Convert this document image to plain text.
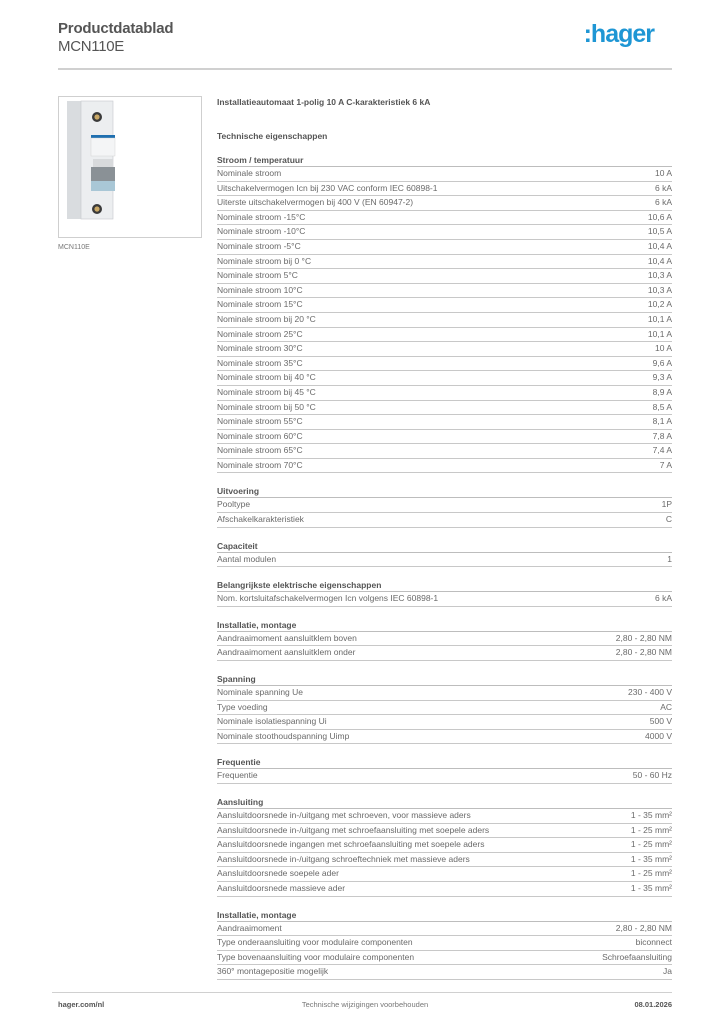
Productdatablad
MCN110E	:hager
MCN110E
Installatieautomaat 1-polig 10 A C-karakteristiek 6 kA
Technische eigenschappen
Stroom / temperatuur
Nominale stroom	10 A
Uitschakelvermogen Icn bij 230 VAC conform IEC 60898-1	6 kA
Uiterste uitschakelvermogen bij 400 V (EN 60947-2)	6 kA
Nominale stroom -15°C	10,6 A
Nominale stroom -10°C	10,5 A
Nominale stroom -5°C	10,4 A
Nominale stroom bij 0 °C	10,4 A
Nominale stroom 5°C	10,3 A
Nominale stroom 10°C	10,3 A
Nominale stroom 15°C	10,2 A
Nominale stroom bij 20 °C	10,1 A
Nominale stroom 25°C	10,1 A
Nominale stroom 30°C	10 A
Nominale stroom 35°C	9,6 A
Nominale stroom bij 40 °C	9,3 A
Nominale stroom bij 45 °C	8,9 A
Nominale stroom bij 50 °C	8,5 A
Nominale stroom 55°C	8,1 A
Nominale stroom 60°C	7,8 A
Nominale stroom 65°C	7,4 A
Nominale stroom 70°C	7 A
Uitvoering
Pooltype	1P
Afschakelkarakteristiek	C
Capaciteit
Aantal modulen	1
Belangrijkste elektrische eigenschappen
Nom. kortsluitafschakelvermogen Icn volgens IEC 60898-1	6 kA
Installatie, montage
Aandraaimoment aansluitklem boven	2,80 - 2,80 NM
Aandraaimoment aansluitklem onder	2,80 - 2,80 NM
Spanning
Nominale spanning Ue	230 - 400 V
Type voeding	AC
Nominale isolatiespanning Ui	500 V
Nominale stoothoudspanning Uimp	4000 V
Frequentie
Frequentie	50 - 60 Hz
Aansluiting
Aansluitdoorsnede in-/uitgang met schroeven, voor massieve aders	1 - 35 mm²
Aansluitdoorsnede in-/uitgang met schroefaansluiting met soepele aders	1 - 25 mm²
Aansluitdoorsnede ingangen met schroefaansluiting met soepele aders	1 - 25 mm²
Aansluitdoorsnede in-/uitgang schroeftechniek met massieve aders	1 - 35 mm²
Aansluitdoorsnede soepele ader	1 - 25 mm²
Aansluitdoorsnede massieve ader	1 - 35 mm²
Installatie, montage
Aandraaimoment	2,80 - 2,80 NM
Type onderaansluiting voor modulaire componenten	biconnect
Type bovenaansluiting voor modulaire componenten	Schroefaansluiting
360° montagepositie mogelijk	Ja
hager.com/nl	Technische wijzigingen voorbehouden	08.01.2026
